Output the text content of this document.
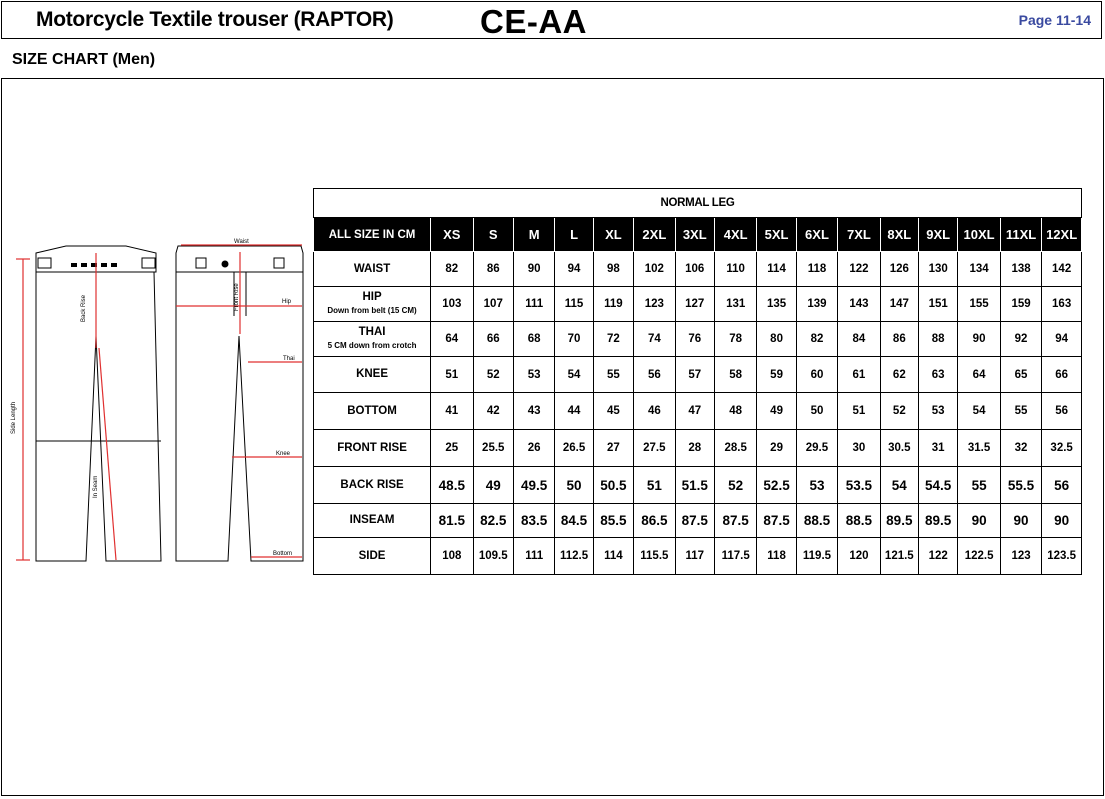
Motorcycle Textile trouser (RAPTOR)	CE-AA	Page 11-14
SIZE CHART (Men)
Waist
Hip
Thai
Knee
Bottom
Front Rise
Back Rise
In Seam
Side Length
NORMAL LEG																
ALL SIZE IN CM	XS	S	M	L	XL	2XL	3XL	4XL	5XL	6XL	7XL	8XL	9XL	10XL	11XL	12XL
WAIST	82	86	90	94	98	102	106	110	114	118	122	126	130	134	138	142
HIP
Down from belt (15 CM)	103	107	111	115	119	123	127	131	135	139	143	147	151	155	159	163
THAI
5 CM down from crotch	64	66	68	70	72	74	76	78	80	82	84	86	88	90	92	94
KNEE	51	52	53	54	55	56	57	58	59	60	61	62	63	64	65	66
BOTTOM	41	42	43	44	45	46	47	48	49	50	51	52	53	54	55	56
FRONT RISE	25	25.5	26	26.5	27	27.5	28	28.5	29	29.5	30	30.5	31	31.5	32	32.5
BACK RISE	48.5	49	49.5	50	50.5	51	51.5	52	52.5	53	53.5	54	54.5	55	55.5	56
INSEAM	81.5	82.5	83.5	84.5	85.5	86.5	87.5	87.5	87.5	88.5	88.5	89.5	89.5	90	90	90
SIDE	108	109.5	111	112.5	114	115.5	117	117.5	118	119.5	120	121.5	122	122.5	123	123.5
